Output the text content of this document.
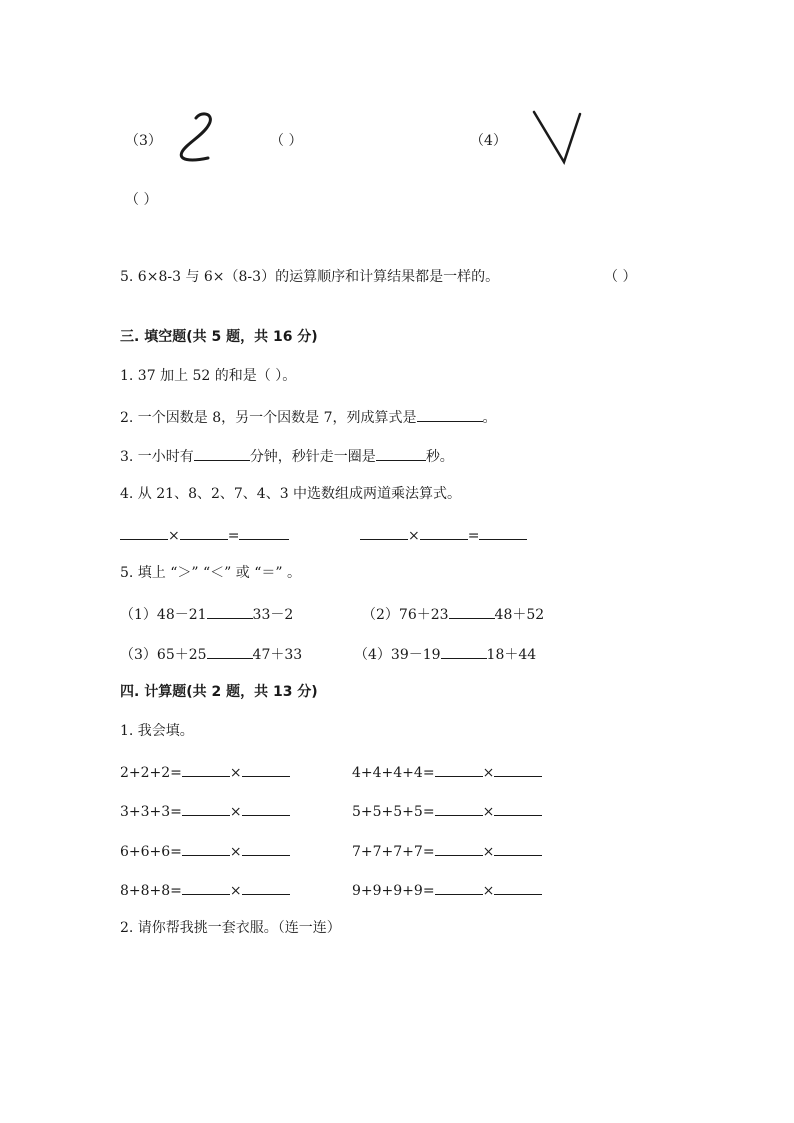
（3）	（ ）	（4）
（ ）
5. 6×8-3 与 6×（8-3）的运算顺序和计算结果都是一样的。	（ ）
三. 填空题(共 5 题，共 16 分)
1. 37 加上 52 的和是（ ）。
2. 一个因数是 8，另一个因数是 7，列成算式是	。
3. 一小时有	分钟，秒针走一圈是	秒。
4. 从 21、8、2、7、4、3 中选数组成两道乘法算式。
×	=	×	=
5. 填上 “＞” “＜” 或 “＝” 。
（1）48－21	33－2	（2）76＋23	48＋52
（3）65＋25	47＋33	（4）39－19	18＋44
四. 计算题(共 2 题，共 13 分)
1. 我会填。
2+2+2=	×	4+4+4+4=	×
3+3+3=	×	5+5+5+5=	×
6+6+6=	×	7+7+7+7=	×
8+8+8=	×	9+9+9+9=	×
2. 请你帮我挑一套衣服。（连一连）
